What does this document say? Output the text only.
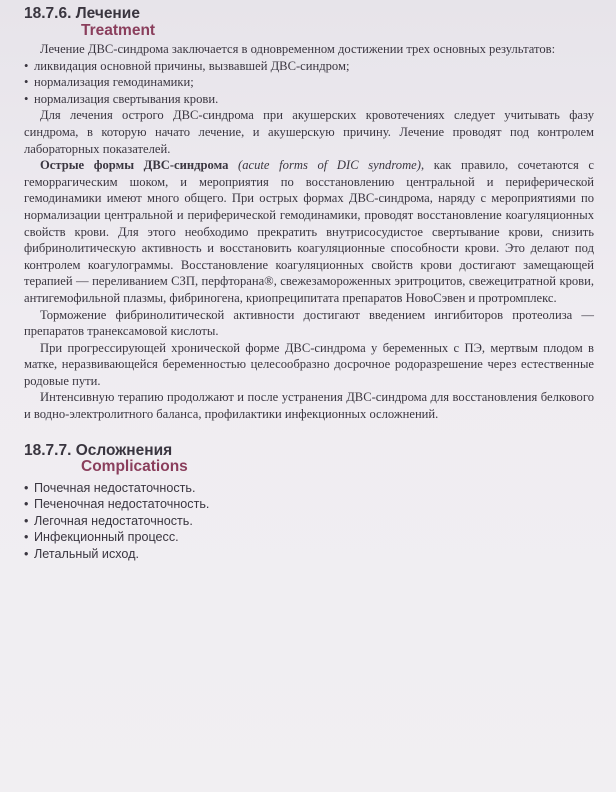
18.7.6. Лечение
Treatment

Лечение ДВС-синдрома заключается в одновременном достижении трех основных результатов:

• ликвидация основной причины, вызвавшей ДВС-синдром;
• нормализация гемодинамики;
• нормализация свертывания крови.

Для лечения острого ДВС-синдрома при акушерских кровотечениях следует учитывать фазу синдрома, в которую начато лечение, и акушерскую причину. Лечение проводят под контролем лабораторных показателей.

Острые формы ДВС-синдрома (acute forms of DIC syndrome), как правило, сочетаются с геморрагическим шоком, и мероприятия по восстановлению центральной и периферической гемодинамики имеют много общего. При острых формах ДВС-синдрома, наряду с мероприятиями по нормализации центральной и периферической гемодинамики, проводят восстановление коагуляционных свойств крови. Для этого необходимо прекратить внутрисосудистое свертывание крови, снизить фибринолитическую активность и восстановить коагуляционные способности крови. Это делают под контролем коагулограммы. Восстановление коагуляционных свойств крови достигают замещающей терапией — переливанием СЗП, перфторана®, свежезамороженных эритроцитов, свежецитратной крови, антигемофильной плазмы, фибриногена, криопреципитата препаратов НовоСэвен и протромплекс.

Торможение фибринолитической активности достигают введением ингибиторов протеолиза — препаратов транексамовой кислоты.

При прогрессирующей хронической форме ДВС-синдрома у беременных с ПЭ, мертвым плодом в матке, неразвивающейся беременностью целесообразно досрочное родоразрешение через естественные родовые пути.

Интенсивную терапию продолжают и после устранения ДВС-синдрома для восстановления белкового и водно-электролитного баланса, профилактики инфекционных осложнений.

18.7.7. Осложнения
Complications
• Почечная недостаточность.
• Печеночная недостаточность.
• Легочная недостаточность.
• Инфекционный процесс.
• Летальный исход.
